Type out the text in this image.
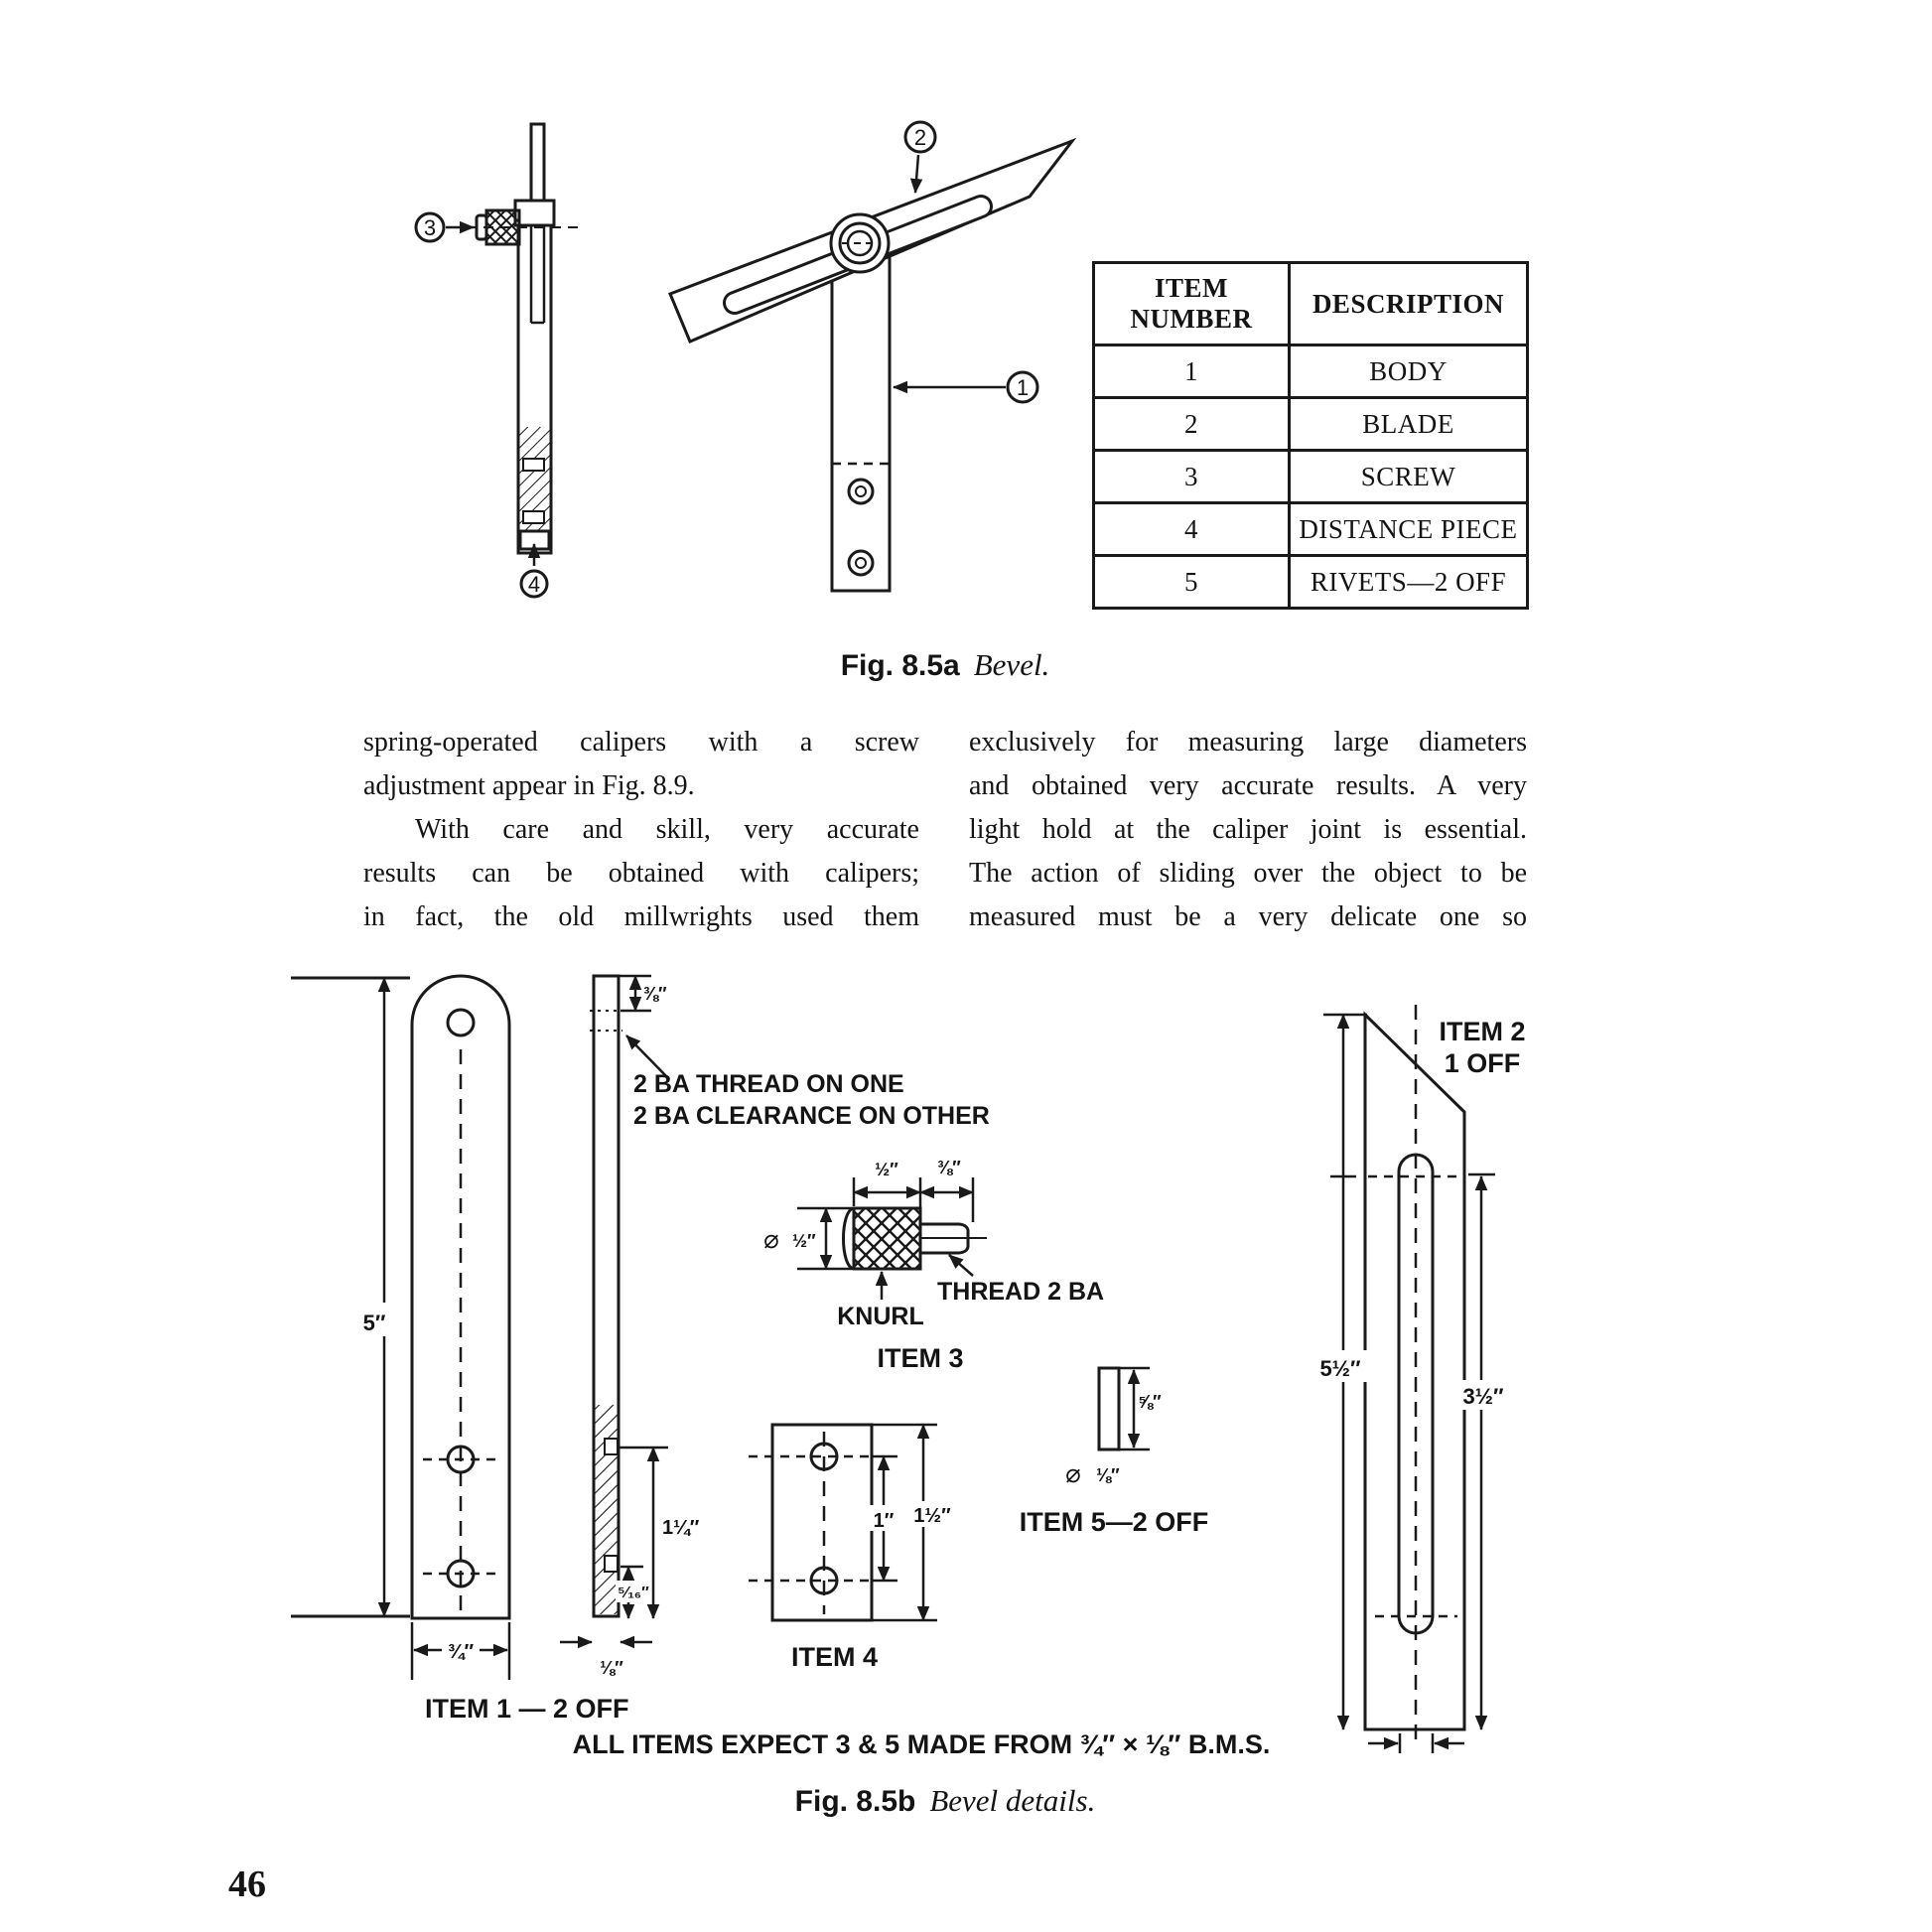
3
4
2
1
ITEM
NUMBER	DESCRIPTION
1	BODY
2	BLADE
3	SCREW
4	DISTANCE PIECE
5	RIVETS—2 OFF
Fig. 8.5a Bevel.
spring-operated calipers with a screw
adjustment appear in Fig. 8.9.
With care and skill, very accurate
results can be obtained with calipers;
in fact, the old millwrights used them
exclusively for measuring large diameters
and obtained very accurate results. A very
light hold at the caliper joint is essential.
The action of sliding over the object to be
measured must be a very delicate one so
5″
¾″
ITEM 1 — 2 OFF
⅜″
2 BA THREAD ON ONE
2 BA CLEARANCE ON OTHER
1¼″
⁵⁄₁₆″
⅛″
⌀ ½″
½″ ⅜″
KNURL
THREAD 2 BA
ITEM 3
1″ 1½″
ITEM 4
⅝″
⌀ ⅛″
ITEM 5—2 OFF
5½″
3½″
ITEM 2
1 OFF
ALL ITEMS EXPECT 3 & 5 MADE FROM ¾″ × ⅛″ B.M.S.
Fig. 8.5b Bevel details.
46
